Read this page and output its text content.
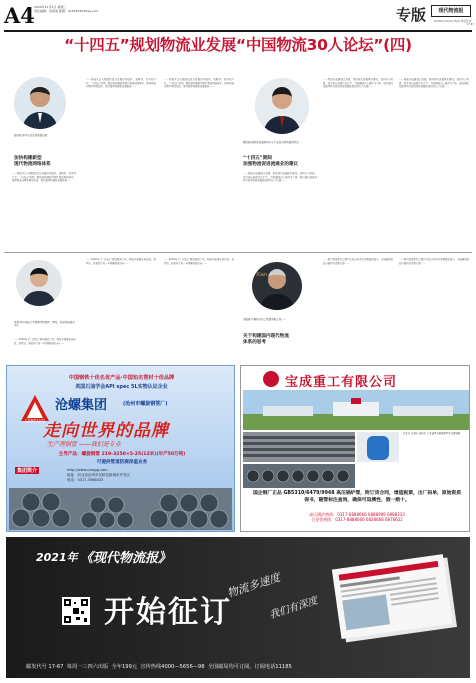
A4 2020年11月5日 星期二
责任编辑：吴淳美 邮箱：0154554520qq.com	专版	现代物流报
XIANDAI WULIU BAO 物流热线：17-47
“十四五”规划物流业发展“中国物流30人论坛”(四)
陆茂城 原中外运长航集团总裁
加快构建新型
现代物流网络体系
……物流业是支撑国民经济发展的基础性、战略性、先导性产业。“十四五”时期，要加快构建新型现代物流网络体系，推动物流业降本增效提质，更好服务构建新发展格局……
……物流业是支撑国民经济发展的基础性、战略性、先导性产业。“十四五”时期，要加快构建新型现代物流网络体系，推动物流业降本增效提质，更好服务构建新发展格局……
……物流业是支撑国民经济发展的基础性、战略性、先导性产业。“十四五”时期，要加快构建新型现代物流网络体系，推动物流业降本增效提质，更好服务构建新发展格局……
魏际刚 国务院发展研究中心产业经济研究部研究员
“十四五”期间
加强物流促进流通业的建议
……物流与流通融合发展，推进现代流通体系建设，加快补齐短板，提升供应链现代化水平，为构建国内大循环为主体、国内国际双循环相互促进的新发展格局提供有力支撑……
……物流与流通融合发展，推进现代流通体系建设，加快补齐短板，提升供应链现代化水平，为构建国内大循环为主体、国内国际双循环相互促进的新发展格局提供有力支撑……
……物流与流通融合发展，推进现代流通体系建设，加快补齐短板，提升供应链现代化水平，为构建国内大循环为主体、国内国际双循环相互促进的新发展格局提供有力支撑……
吴德 华中科技大学管理学院教授、博导，亚洲物流研究中心
……2020年是“十四五”规划编制之年，物流业需要在新阶段、新理念、新格局下进一步明确发展方向……
……2020年是“十四五”规划编制之年，物流业需要在新阶段、新理念、新格局下进一步明确发展方向……
……2020年是“十四五”规划编制之年，物流业需要在新阶段、新理念、新格局下进一步明确发展方向……
Xian
刘振镇 中国航天科工集团有限公司……
关于构建国内现代物流
体系的思考
……现代物流体系是现代化经济体系的重要组成部分，是畅通国民经济循环的重要支撑……
……现代物流体系是现代化经济体系的重要组成部分，是畅通国民经济循环的重要支撑……
中国钢铁十佳名优产品·中国知名管材十佳品牌
美国石油学会API spec 5L实物认证企业
CANGLUO
沧螺集团	(沧州市螺旋钢管厂)
走向世界的品牌
生产理钢管 ——我们是专业
主导产品：螺旋钢管 219-3250×5-25(12米)(年产50万吨)
可提供管道防腐保温业务
集团简介	http://www.czszgg.com
地址：河北省沧州市吴桥县新城市开发区
电话：0317-3568033
宝成重工有限公司
北京市·天津市·沧州市 专业销售各种规格型号无缝钢管
国企钢厂正品 GB5310/6479/9948 高压锅炉管，附订货合同，增值税票，出厂码单，原始资质保书，随管标注查询，确保可追溯性，假一赔十。
高压锅炉热线：0317-6888666 0888999 0888333
合金管热线：0317-8888666 0828668 6876622
2021年 《现代物流报》
开始征订
物流多速度
我们有深度
邮发代号 17-67 每周一三四六出版 全年199元 宣传热线4000—5656—98 全国邮局均可订阅，订阅电话11185
